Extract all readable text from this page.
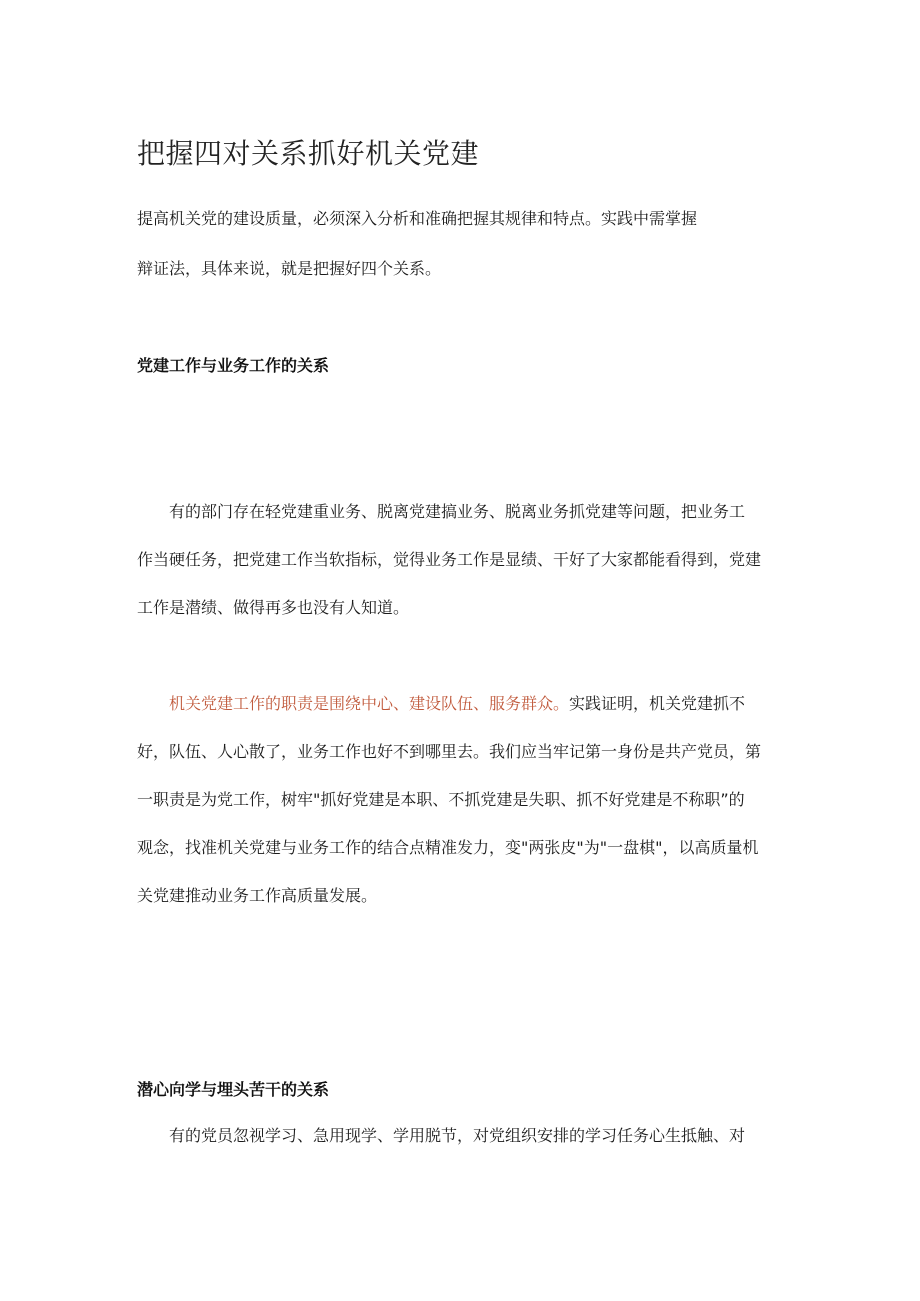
把握四对关系抓好机关党建
提高机关党的建设质量，必须深入分析和准确把握其规律和特点。实践中需掌握
辩证法，具体来说，就是把握好四个关系。
党建工作与业务工作的关系
有的部门存在轻党建重业务、脱离党建搞业务、脱离业务抓党建等问题，把业务工
作当硬任务，把党建工作当软指标，觉得业务工作是显绩、干好了大家都能看得到，党建
工作是潜绩、做得再多也没有人知道。
机关党建工作的职责是围绕中心、建设队伍、服务群众。实践证明，机关党建抓不
好，队伍、人心散了，业务工作也好不到哪里去。我们应当牢记第一身份是共产党员，第
一职责是为党工作，树牢"抓好党建是本职、不抓党建是失职、抓不好党建是不称职”的
观念，找准机关党建与业务工作的结合点精准发力，变"两张皮"为"一盘棋"，以高质量机
关党建推动业务工作高质量发展。
潜心向学与埋头苦干的关系
有的党员忽视学习、急用现学、学用脱节，对党组织安排的学习任务心生抵触、对
